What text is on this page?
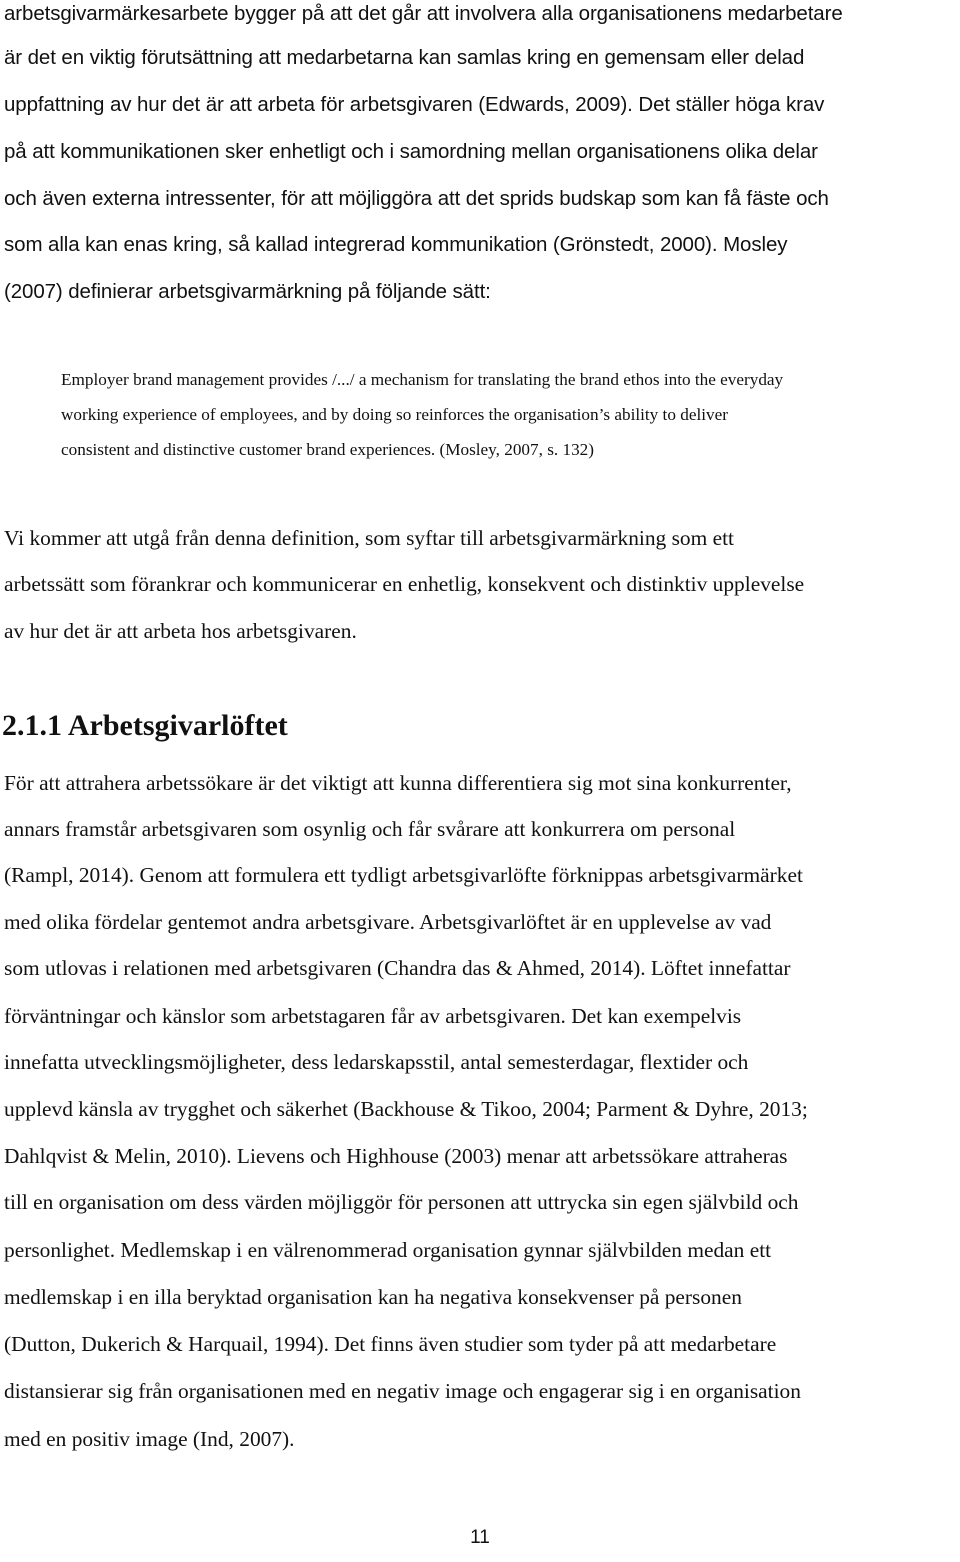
arbetsgivarmärkesarbete bygger på att det går att involvera alla organisationens medarbetare

är det en viktig förutsättning att medarbetarna kan samlas kring en gemensam eller delad

uppfattning av hur det är att arbeta för arbetsgivaren (Edwards, 2009). Det ställer höga krav

på att kommunikationen sker enhetligt och i samordning mellan organisationens olika delar

och även externa intressenter, för att möjliggöra att det sprids budskap som kan få fäste och

som alla kan enas kring, så kallad integrerad kommunikation (Grönstedt, 2000). Mosley

(2007) definierar arbetsgivarmärkning på följande sätt:

Employer brand management provides /.../ a mechanism for translating the brand ethos into the everyday

working experience of employees, and by doing so reinforces the organisation’s ability to deliver

consistent and distinctive customer brand experiences. (Mosley, 2007, s. 132)

Vi kommer att utgå från denna definition, som syftar till arbetsgivarmärkning som ett

arbetssätt som förankrar och kommunicerar en enhetlig, konsekvent och distinktiv upplevelse

av hur det är att arbeta hos arbetsgivaren.

2.1.1 Arbetsgivarlöftet

För att attrahera arbetssökare är det viktigt att kunna differentiera sig mot sina konkurrenter,

annars framstår arbetsgivaren som osynlig och får svårare att konkurrera om personal

(Rampl, 2014). Genom att formulera ett tydligt arbetsgivarlöfte förknippas arbetsgivarmärket

med olika fördelar gentemot andra arbetsgivare. Arbetsgivarlöftet är en upplevelse av vad

som utlovas i relationen med arbetsgivaren (Chandra das & Ahmed, 2014). Löftet innefattar

förväntningar och känslor som arbetstagaren får av arbetsgivaren. Det kan exempelvis

innefatta utvecklingsmöjligheter, dess ledarskapsstil, antal semesterdagar, flextider och

upplevd känsla av trygghet och säkerhet (Backhouse & Tikoo, 2004; Parment & Dyhre, 2013;

Dahlqvist & Melin, 2010). Lievens och Highhouse (2003) menar att arbetssökare attraheras

till en organisation om dess värden möjliggör för personen att uttrycka sin egen självbild och

personlighet. Medlemskap i en välrenommerad organisation gynnar självbilden medan ett

medlemskap i en illa beryktad organisation kan ha negativa konsekvenser på personen

(Dutton, Dukerich & Harquail, 1994). Det finns även studier som tyder på att medarbetare

distansierar sig från organisationen med en negativ image och engagerar sig i en organisation

med en positiv image (Ind, 2007).

11
